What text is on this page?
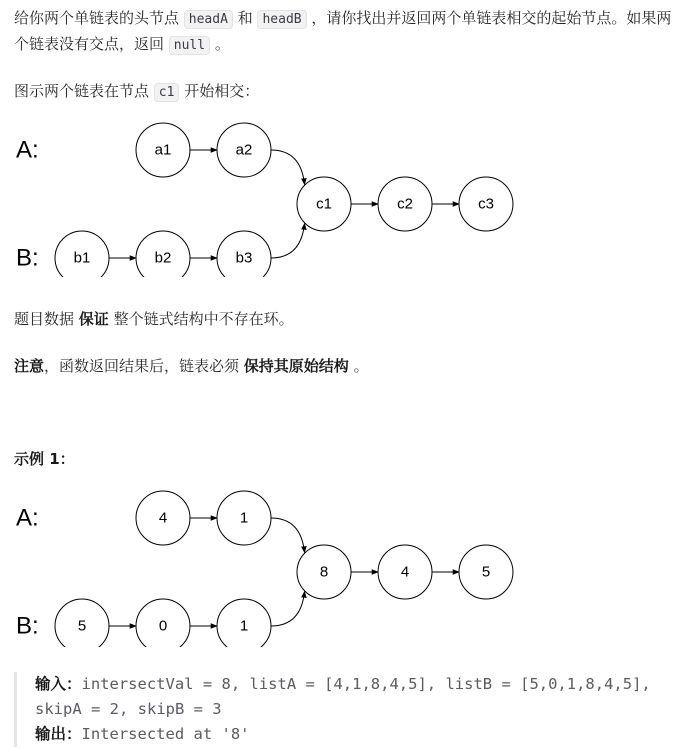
给你两个单链表的头节点 headA 和 headB ，请你找出并返回两个单链表相交的起始节点。如果两个链表没有交点，返回 null 。

图示两个链表在节点 c1 开始相交：

A:
B:
a1	a2
b1	b2	b3
c1	c2	c3

题目数据 保证 整个链式结构中不存在环。

注意，函数返回结果后，链表必须 保持其原始结构 。

示例 1：

A:
B:
4	1
5	0	1
8	4	5

输入：intersectVal = 8, listA = [4,1,8,4,5], listB = [5,0,1,8,4,5], skipA = 2, skipB = 3

输出：Intersected at '8'
